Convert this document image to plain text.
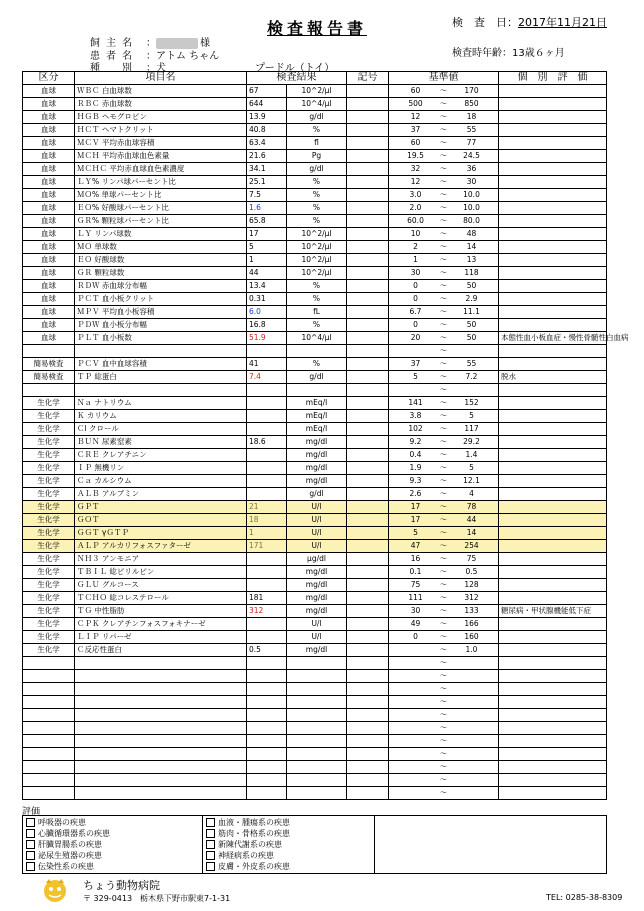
検査報告書	検　査　日：2017年11月21日
検査時年齢：13歳６ヶ月
飼主名 ：	様
患者名 ：アトム ちゃん
種　別 ：犬	プードル（トイ）
区分	項目名	検査結果		記号	基準値	個　別　評　価
血球	ＷＢＣ 白血球数	67	10^2/μl		60 ～ 170	
血球	ＲＢＣ 赤血球数	644	10^4/μl		500 ～ 850	
血球	ＨＧＢ ヘモグロビン	13.9	g/dl		12 ～ 18	
血球	ＨＣＴ ヘマトクリット	40.8	%		37 ～ 55	
血球	ＭＣＶ 平均赤血球容積	63.4	fl		60 ～ 77	
血球	ＭＣＨ 平均赤血球血色素量	21.6	Pg		19.5 ～ 24.5	
血球	ＭＣＨＣ 平均赤血球血色素濃度	34.1	g/dl		32 ～ 36	
血球	ＬＹ% リンパ球パーセント比	25.1	%		12 ～ 30	
血球	ＭＯ% 単球パーセント比	7.5	%		3.0 ～ 10.0	
血球	ＥＯ% 好酸球パーセント比	1.6	%		2.0 ～ 10.0	
血球	ＧＲ% 顆粒球パーセント比	65.8	%		60.0 ～ 80.0	
血球	ＬＹ リンパ球数	17	10^2/μl		10 ～ 48	
血球	ＭＯ 単球数	5	10^2/μl		2 ～ 14	
血球	ＥＯ 好酸球数	1	10^2/μl		1 ～ 13	
血球	ＧＲ 顆粒球数	44	10^2/μl		30 ～ 118	
血球	ＲＤＷ 赤血球分布幅	13.4	%		0 ～ 50	
血球	ＰＣＴ 血小板クリット	0.31	%		0 ～ 2.9	
血球	ＭＰＶ 平均血小板容積	6.0	fL		6.7 ～ 11.1	
血球	ＰＤＷ 血小板分布幅	16.8	%		0 ～ 50	
血球	ＰＬＴ 血小板数	51.9	10^4/μl		20 ～ 50	本態性血小板血症・慢性骨髄性白血病
					～	
簡易検査	ＰＣＶ 血中血球容積	41	%		37 ～ 55	
簡易検査	ＴＰ 総蛋白	7.4	g/dl		5 ～ 7.2	脱水
					～	
生化学	Ｎａ ナトリウム		mEq/l		141 ～ 152	
生化学	Ｋ カリウム		mEq/l		3.8 ～ 5	
生化学	Ｃl クロール		mEq/l		102 ～ 117	
生化学	ＢＵＮ 尿素窒素	18.6	mg/dl		9.2 ～ 29.2	
生化学	ＣＲＥ クレアチニン		mg/dl		0.4 ～ 1.4	
生化学	ＩＰ 無機リン		mg/dl		1.9 ～ 5	
生化学	Ｃａ カルシウム		mg/dl		9.3 ～ 12.1	
生化学	ＡＬＢ アルブミン		g/dl		2.6 ～ 4	
生化学	ＧＰＴ	21	U/l		17 ～ 78	
生化学	ＧＯＴ	18	U/l		17 ～ 44	
生化学	ＧＧＴ γＧＴＰ	1	U/l		5 ～ 14	
生化学	ＡＬＰ アルカリフォスファターゼ	171	U/l		47 ～ 254	
生化学	ＮＨ３ アンモニア		μg/dl		16 ～ 75	
生化学	ＴＢＩＬ 総ビリルビン		mg/dl		0.1 ～ 0.5	
生化学	ＧＬＵ グルコース		mg/dl		75 ～ 128	
生化学	ＴＣＨＯ 総コレステロール	181	mg/dl		111 ～ 312	
生化学	ＴＧ 中性脂肪	312	mg/dl		30 ～ 133	糖尿病・甲状腺機能低下症
生化学	ＣＰＫ クレアチンフォスフォキナーゼ		U/l		49 ～ 166	
生化学	ＬＩＰ リパーゼ		U/l		0 ～ 160	
生化学	Ｃ反応性蛋白	0.5	mg/dl		～ 1.0	
					～	
					～	
					～	
					～	
					～	
					～	
					～	
					～	
					～	
					～	
					～	
評価
呼吸器の疾患
心臓循環器系の疾患
肝臓胃腸系の疾患
泌尿生殖器の疾患
伝染性系の疾患

血液・腫瘍系の疾患
筋肉・骨格系の疾患
新陳代謝系の疾患
神経病系の疾患
皮膚・外皮系の疾患

ちょう動物病院
〒 329-0413　栃木県下野市駅東7-1-31	TEL: 0285-38-8309
